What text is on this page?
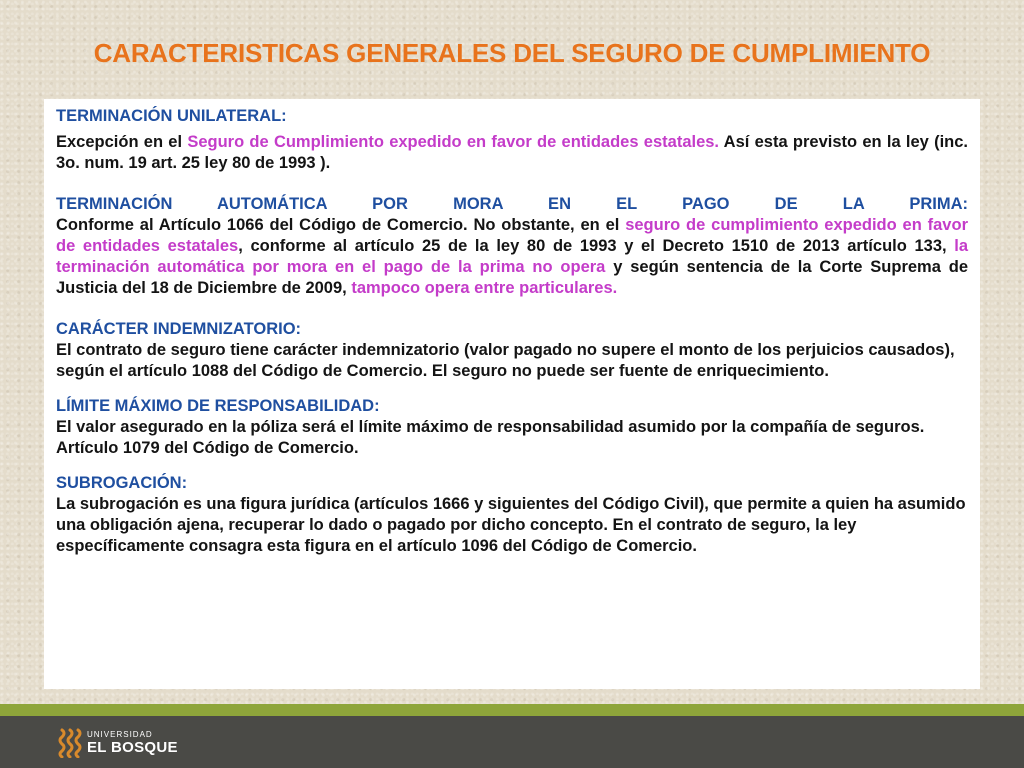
CARACTERISTICAS GENERALES DEL SEGURO DE CUMPLIMIENTO

TERMINACIÓN UNILATERAL:

Excepción en el Seguro de Cumplimiento expedido en favor de entidades estatales. Así esta previsto en la ley (inc. 3o. num. 19 art. 25 ley 80 de 1993 ).

TERMINACIÓN AUTOMÁTICA POR MORA EN EL PAGO DE LA PRIMA:

Conforme al Artículo 1066 del Código de Comercio. No obstante, en el seguro de cumplimiento expedido en favor de entidades estatales, conforme al artículo 25 de la ley 80 de 1993 y el Decreto 1510 de 2013 artículo 133, la terminación automática por mora en el pago de la prima no opera y según sentencia de la Corte Suprema de Justicia del 18 de Diciembre de 2009, tampoco opera entre particulares.

CARÁCTER INDEMNIZATORIO:

El contrato de seguro tiene carácter indemnizatorio (valor pagado no supere el monto de los perjuicios causados), según el artículo 1088 del Código de Comercio. El seguro no puede ser fuente de enriquecimiento.

LÍMITE MÁXIMO DE RESPONSABILIDAD:

El valor asegurado en la póliza será el límite máximo de responsabilidad asumido por la compañía de seguros. Artículo 1079 del Código de Comercio.

SUBROGACIÓN:

La subrogación es una figura jurídica (artículos 1666 y siguientes del Código Civil), que permite a quien ha asumido una obligación ajena, recuperar lo dado o pagado por dicho concepto. En el contrato de seguro, la ley específicamente consagra esta figura en el artículo 1096 del Código de Comercio.

UNIVERSIDAD
EL BOSQUE
